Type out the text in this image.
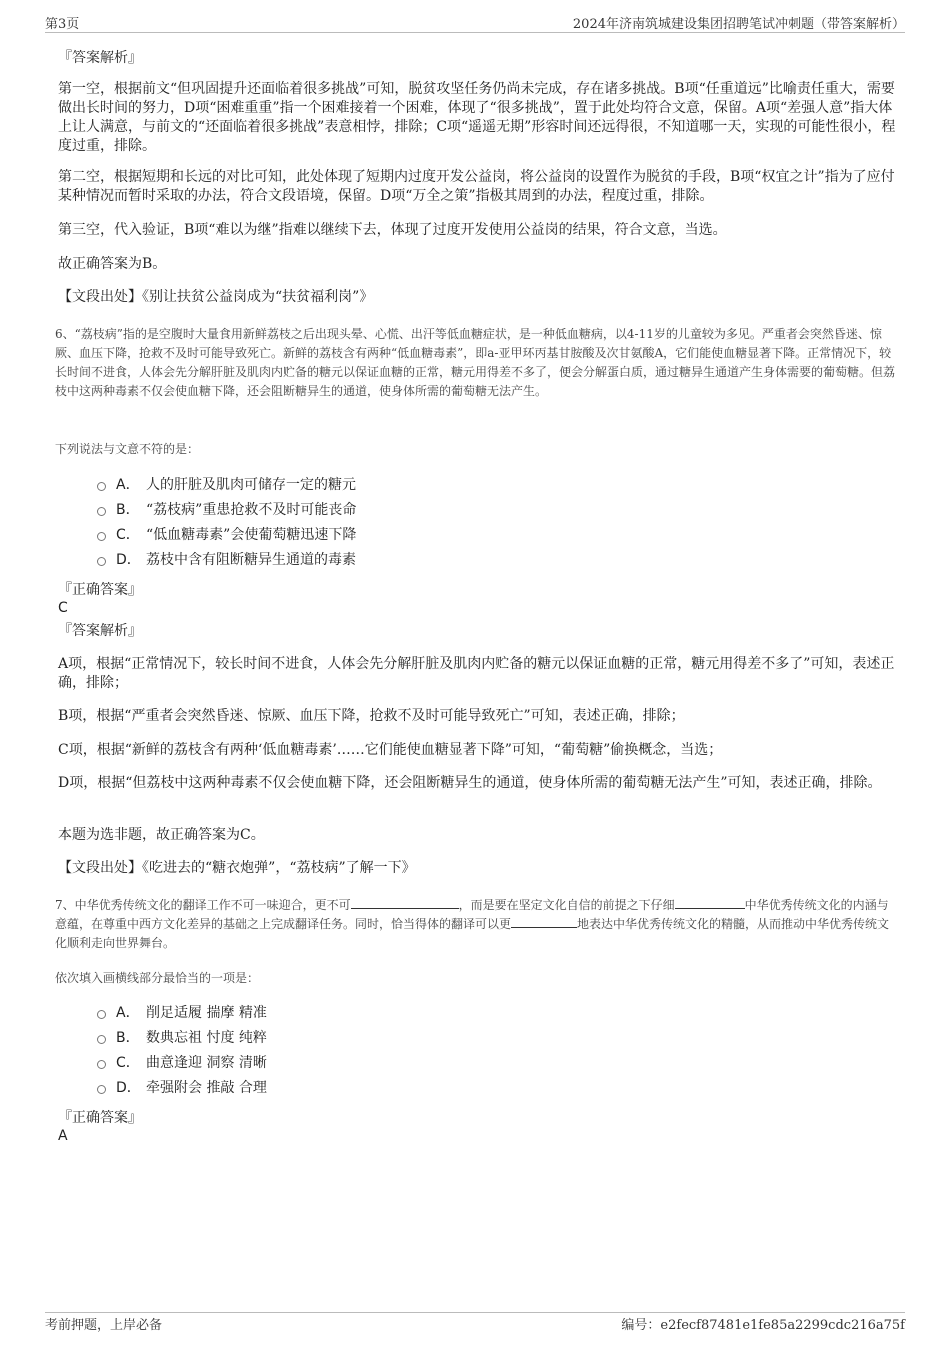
第3页	2024年济南筑城建设集团招聘笔试冲刺题（带答案解析）
『答案解析』

第一空，根据前文“但巩固提升还面临着很多挑战”可知，脱贫攻坚任务仍尚未完成，存在诸多挑战。B项“任重道远”比喻责任重大，需要做出长时间的努力，D项“困难重重”指一个困难接着一个困难，体现了“很多挑战”，置于此处均符合文意，保留。A项“差强人意”指大体上让人满意，与前文的“还面临着很多挑战”表意相悖，排除；C项“遥遥无期”形容时间还远得很，不知道哪一天，实现的可能性很小，程度过重，排除。

第二空，根据短期和长远的对比可知，此处体现了短期内过度开发公益岗，将公益岗的设置作为脱贫的手段，B项“权宜之计”指为了应付某种情况而暂时采取的办法，符合文段语境，保留。D项“万全之策”指极其周到的办法，程度过重，排除。

第三空，代入验证，B项“难以为继”指难以继续下去，体现了过度开发使用公益岗的结果，符合文意，当选。

故正确答案为B。

【文段出处】《别让扶贫公益岗成为“扶贫福利岗”》

6、“荔枝病”指的是空腹时大量食用新鲜荔枝之后出现头晕、心慌、出汗等低血糖症状，是一种低血糖病，以4-11岁的儿童较为多见。严重者会突然昏迷、惊厥、血压下降，抢救不及时可能导致死亡。新鲜的荔枝含有两种“低血糖毒素”，即a-亚甲环丙基甘胺酸及次甘氨酸A，它们能使血糖显著下降。正常情况下，较长时间不进食，人体会先分解肝脏及肌肉内贮备的糖元以保证血糖的正常，糖元用得差不多了，便会分解蛋白质，通过糖异生通道产生身体需要的葡萄糖。但荔枝中这两种毒素不仅会使血糖下降，还会阻断糖异生的通道，使身体所需的葡萄糖无法产生。

下列说法与文意不符的是：

A． 人的肝脏及肌肉可储存一定的糖元
B． “荔枝病”重患抢救不及时可能丧命
C． “低血糖毒素”会使葡萄糖迅速下降
D． 荔枝中含有阻断糖异生通道的毒素
『正确答案』
C
『答案解析』

A项，根据“正常情况下，较长时间不进食，人体会先分解肝脏及肌肉内贮备的糖元以保证血糖的正常，糖元用得差不多了”可知，表述正确，排除；

B项，根据“严重者会突然昏迷、惊厥、血压下降，抢救不及时可能导致死亡”可知，表述正确，排除；

C项，根据“新鲜的荔枝含有两种‘低血糖毒素’……它们能使血糖显著下降”可知，“葡萄糖”偷换概念，当选；

D项，根据“但荔枝中这两种毒素不仅会使血糖下降，还会阻断糖异生的通道，使身体所需的葡萄糖无法产生”可知，表述正确，排除。

本题为选非题，故正确答案为C。

【文段出处】《吃进去的“糖衣炮弹”，“荔枝病”了解一下》

7、中华优秀传统文化的翻译工作不可一味迎合，更不可	，而是要在坚定文化自信的前提之下仔细	中华优秀传统文化的内涵与意蕴，在尊重中西方文化差异的基础之上完成翻译任务。同时，恰当得体的翻译可以更	地表达中华优秀传统文化的精髓，从而推动中华优秀传统文化顺利走向世界舞台。

依次填入画横线部分最恰当的一项是：

A． 削足适履 揣摩 精准
B． 数典忘祖 忖度 纯粹
C． 曲意逢迎 洞察 清晰
D． 牵强附会 推敲 合理
『正确答案』
A
考前押题，上岸必备	编号：e2fecf87481e1fe85a2299cdc216a75f
